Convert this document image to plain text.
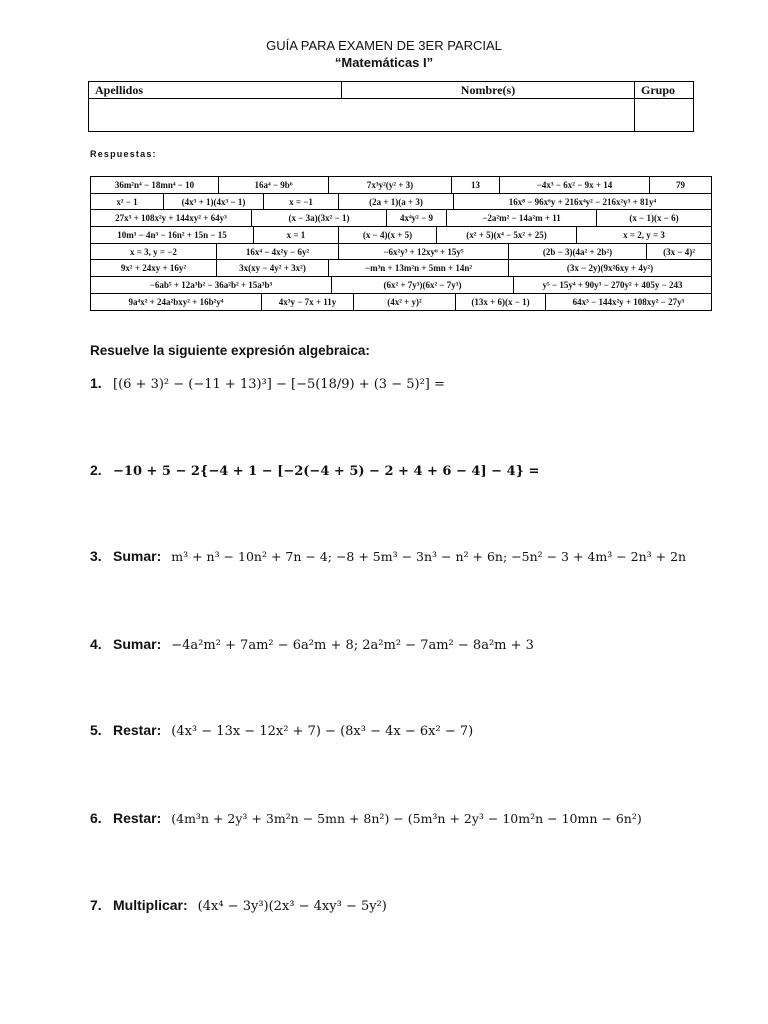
GUÍA PARA EXAMEN DE 3ER PARCIAL
“Matemáticas I”
Apellidos	Nombre(s)	Grupo

Respuestas:
36m²n⁴ − 18mn⁴ − 10	16a⁴ − 9b⁶	7x³y²(y² + 3)	13	−4x³ − 6x² − 9x + 14	79
x² − 1	(4x³ + 1)(4x³ − 1)	x = −1	(2a + 1)(a + 3)	16x⁸ − 96x⁶y + 216x⁴y² − 216x²y³ + 81y⁴
27x³ + 108x²y + 144xy² + 64y³	(x − 3a)(3x² − 1)	4x⁴y² − 9	−2a²m² − 14a²m + 11	(x − 1)(x − 6)
10m³ − 4n³ − 16n² + 15n − 15	x = 1	(x − 4)(x + 5)	(x² + 5)(x⁴ − 5x² + 25)	x = 2, y = 3
x = 3, y = −2	16x⁴ − 4x²y − 6y²	−6x²y³ + 12xy⁶ + 15y⁵	(2b − 3)(4a² + 2b²)	(3x − 4)²
9x² + 24xy + 16y²	3x(xy − 4y² + 3x²)	−m³n + 13m²n + 5mn + 14n²	(3x − 2y)(9x²6xy + 4y²)
−6ab⁵ + 12a³b² − 36a²b² + 15a³b³	(6x² + 7y³)(6x² − 7y³)	y⁵ − 15y⁴ + 90y³ − 270y² + 405y − 243
9a⁴x² + 24a²bxy² + 16b²y⁴	4x³y − 7x + 11y	(4x² + y)²	(13x + 6)(x − 1)	64x³ − 144x²y + 108xy² − 27y³
Resuelve la siguiente expresión algebraica:
1. [(6 + 3)² − (−11 + 13)³] − [−5(18/9) + (3 − 5)²] =
2. −10 + 5 − 2{−4 + 1 − [−2(−4 + 5) − 2 + 4 + 6 − 4] − 4} =
3. Sumar: m³ + n³ − 10n² + 7n − 4; −8 + 5m³ − 3n³ − n² + 6n; −5n² − 3 + 4m³ − 2n³ + 2n
4. Sumar: −4a²m² + 7am² − 6a²m + 8; 2a²m² − 7am² − 8a²m + 3
5. Restar: (4x³ − 13x − 12x² + 7) − (8x³ − 4x − 6x² − 7)
6. Restar: (4m³n + 2y³ + 3m²n − 5mn + 8n²) − (5m³n + 2y³ − 10m²n − 10mn − 6n²)
7. Multiplicar: (4x⁴ − 3y³)(2x³ − 4xy³ − 5y²)
